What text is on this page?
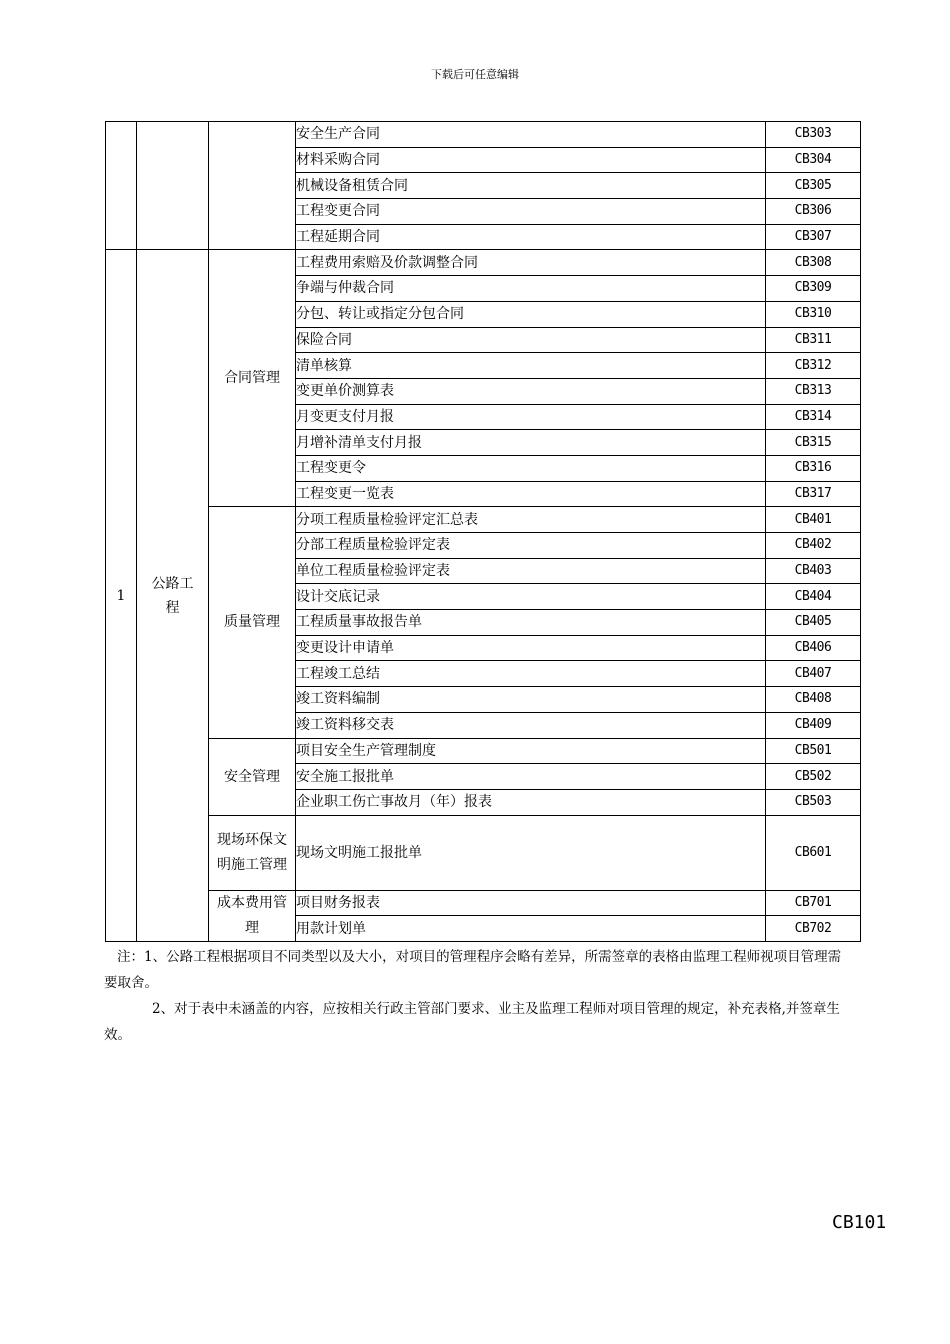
下载后可任意编辑
			安全生产合同	CB303
			材料采购合同	CB304
			机械设备租赁合同	CB305
			工程变更合同	CB306
			工程延期合同	CB307
1	公路工程	合同管理	工程费用索赔及价款调整合同	CB308
			争端与仲裁合同	CB309
			分包、转让或指定分包合同	CB310
			保险合同	CB311
			清单核算	CB312
			变更单价测算表	CB313
			月变更支付月报	CB314
			月增补清单支付月报	CB315
			工程变更令	CB316
			工程变更一览表	CB317
		质量管理	分项工程质量检验评定汇总表	CB401
			分部工程质量检验评定表	CB402
			单位工程质量检验评定表	CB403
			设计交底记录	CB404
			工程质量事故报告单	CB405
			变更设计申请单	CB406
			工程竣工总结	CB407
			竣工资料编制	CB408
			竣工资料移交表	CB409
		安全管理	项目安全生产管理制度	CB501
			安全施工报批单	CB502
			企业职工伤亡事故月（年）报表	CB503
		现场环保文明施工管理	现场文明施工报批单	CB601
		成本费用管理	项目财务报表	CB701
			用款计划单	CB702

注：1、公路工程根据项目不同类型以及大小，对项目的管理程序会略有差异，所需签章的表格由监理工程师视项目管理需要取舍。

2、对于表中未涵盖的内容，应按相关行政主管部门要求、业主及监理工程师对项目管理的规定，补充表格,并签章生效。

CB101
